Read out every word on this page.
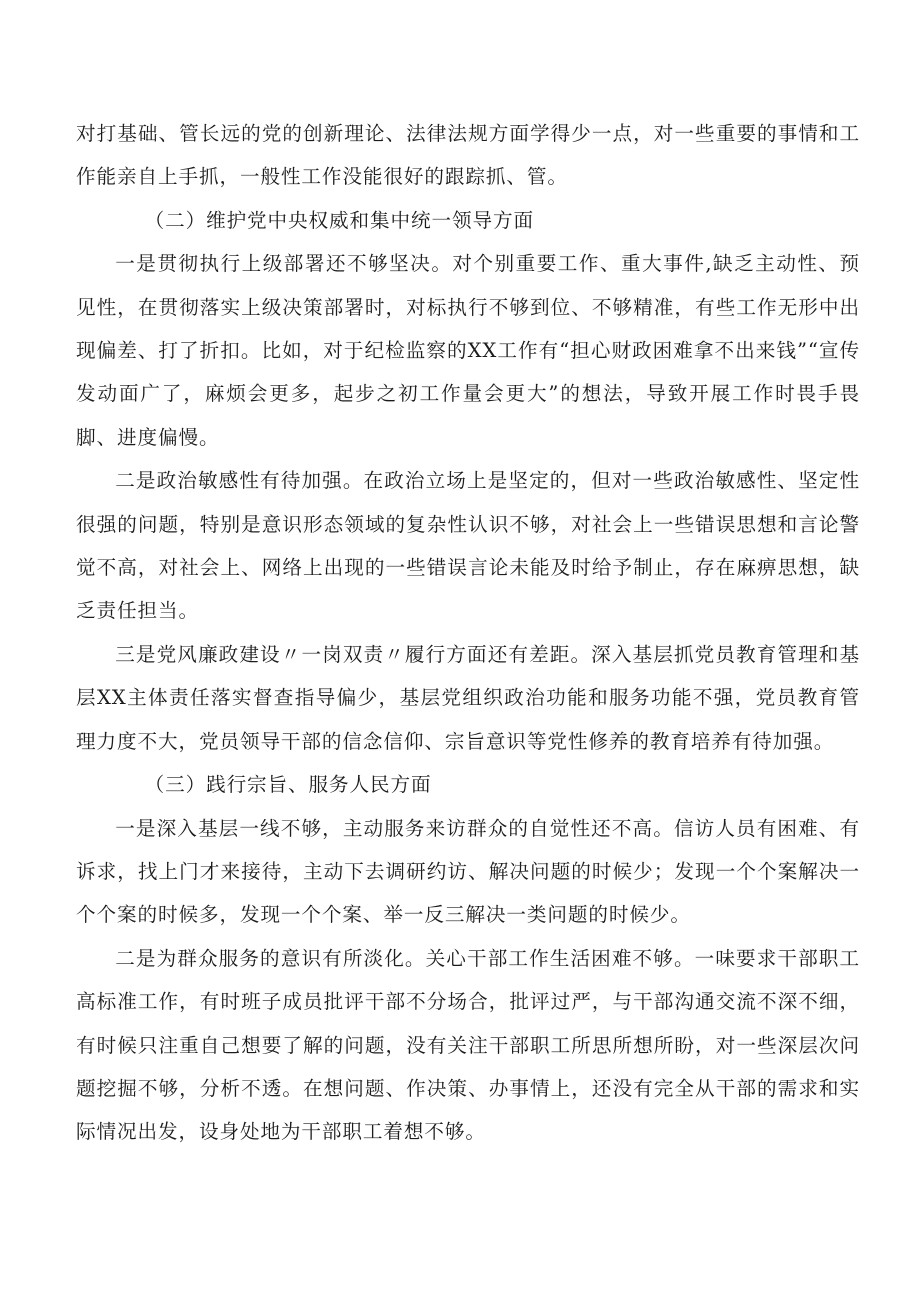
对打基础、管长远的党的创新理论、法律法规方面学得少一点，对一些重要的事情和工作能亲自上手抓，一般性工作没能很好的跟踪抓、管。

（二）维护党中央权威和集中统一领导方面

一是贯彻执行上级部署还不够坚决。对个别重要工作、重大事件,缺乏主动性、预见性，在贯彻落实上级决策部署时，对标执行不够到位、不够精准，有些工作无形中出现偏差、打了折扣。比如，对于纪检监察的XX工作有“担心财政困难拿不出来钱”“宣传发动面广了，麻烦会更多，起步之初工作量会更大”的想法，导致开展工作时畏手畏脚、进度偏慢。

二是政治敏感性有待加强。在政治立场上是坚定的，但对一些政治敏感性、坚定性很强的问题，特别是意识形态领域的复杂性认识不够，对社会上一些错误思想和言论警觉不高，对社会上、网络上出现的一些错误言论未能及时给予制止，存在麻痹思想，缺乏责任担当。

三是党风廉政建设〃一岗双责〃履行方面还有差距。深入基层抓党员教育管理和基层XX主体责任落实督查指导偏少，基层党组织政治功能和服务功能不强，党员教育管理力度不大，党员领导干部的信念信仰、宗旨意识等党性修养的教育培养有待加强。

（三）践行宗旨、服务人民方面

一是深入基层一线不够，主动服务来访群众的自觉性还不高。信访人员有困难、有诉求，找上门才来接待，主动下去调研约访、解决问题的时候少；发现一个个案解决一个个案的时候多，发现一个个案、举一反三解决一类问题的时候少。

二是为群众服务的意识有所淡化。关心干部工作生活困难不够。一味要求干部职工高标准工作，有时班子成员批评干部不分场合，批评过严，与干部沟通交流不深不细，有时候只注重自己想要了解的问题，没有关注干部职工所思所想所盼，对一些深层次问题挖掘不够，分析不透。在想问题、作决策、办事情上，还没有完全从干部的需求和实际情况出发，设身处地为干部职工着想不够。
